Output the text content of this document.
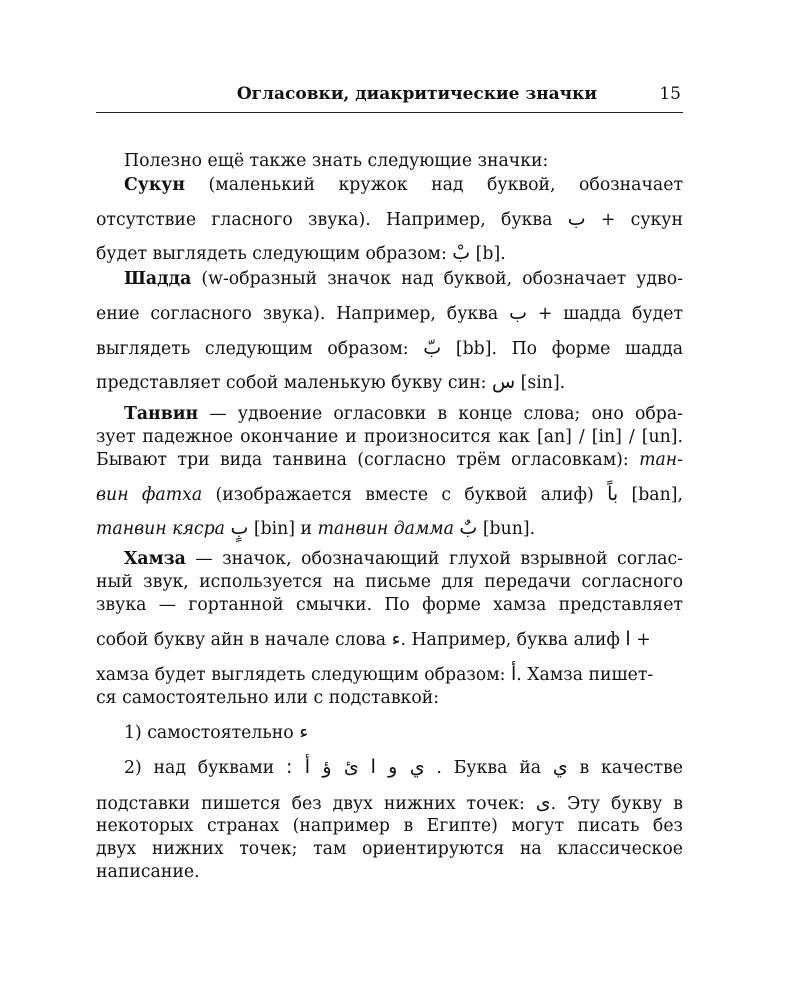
Огласовки, диакритические значки	15
Полезно ещё также знать следующие значки:
Сукун (маленький кружок над буквой, обозначает
отсутствие гласного звука). Например, буква ب + сукун
будет выглядеть следующим образом: بْ [b].
Шадда (w-образный значок над буквой, обозначает удво-
ение согласного звука). Например, буква ب + шадда будет
выглядеть следующим образом: بّ [bb]. По форме шадда
представляет собой маленькую букву син: س [sin].
Танвин — удвоение огласовки в конце слова; оно обра-
зует падежное окончание и произносится как [an] / [in] / [un].
Бывают три вида танвина (согласно трём огласовкам): тан-
вин фатха (изображается вместе с буквой алиф) باً [ban],
танвин кясра بٍ [bin] и танвин дамма بٌ [bun].
Хамза — значок, обозначающий глухой взрывной соглас-
ный звук, используется на письме для передачи согласного
звука — гортанной смычки. По форме хамза представляет
собой букву айн в начале слова ء. Например, буква алиф ا +
хамза будет выглядеть следующим образом: أ. Хамза пишет-
ся самостоятельно или с подставкой:
1) самостоятельно ء
2) над буквами ئ ؤ أ : ي و ا . Буква йа ي в качестве
подставки пишется без двух нижних точек: ى. Эту букву в
некоторых странах (например в Египте) могут писать без
двух нижних точек; там ориентируются на классическое
написание.
